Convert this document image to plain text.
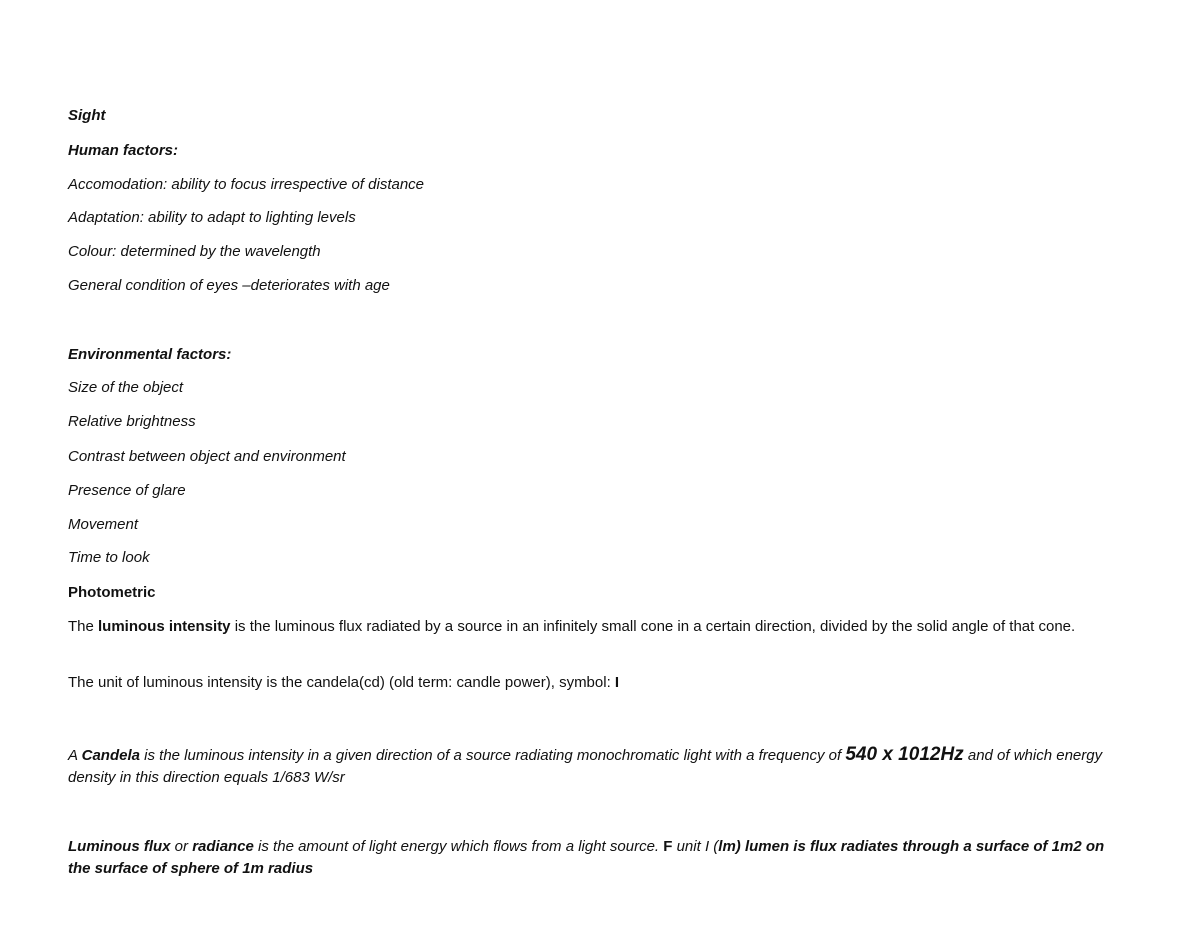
Sight

Human factors:

Accomodation: ability to focus irrespective of distance

Adaptation: ability to adapt to lighting levels

Colour: determined by the wavelength

General condition of eyes –deteriorates with age

Environmental factors:

Size of the object

Relative brightness

Contrast between object and environment

Presence of glare

Movement

Time to look

Photometric

The luminous intensity is the luminous flux radiated by a source in an infinitely small cone in a certain direction, divided by the solid angle of that cone.

The unit of luminous intensity is the candela(cd) (old term: candle power), symbol: I

A Candela is the luminous intensity in a given direction of a source radiating monochromatic light with a frequency of 540 x 1012Hz and of which energy density in this direction equals 1/683 W/sr

Luminous flux or radiance is the amount of light energy which flows from a light source. F unit I (lm) lumen is flux radiates through a surface of 1m2 on the surface of sphere of 1m radius
